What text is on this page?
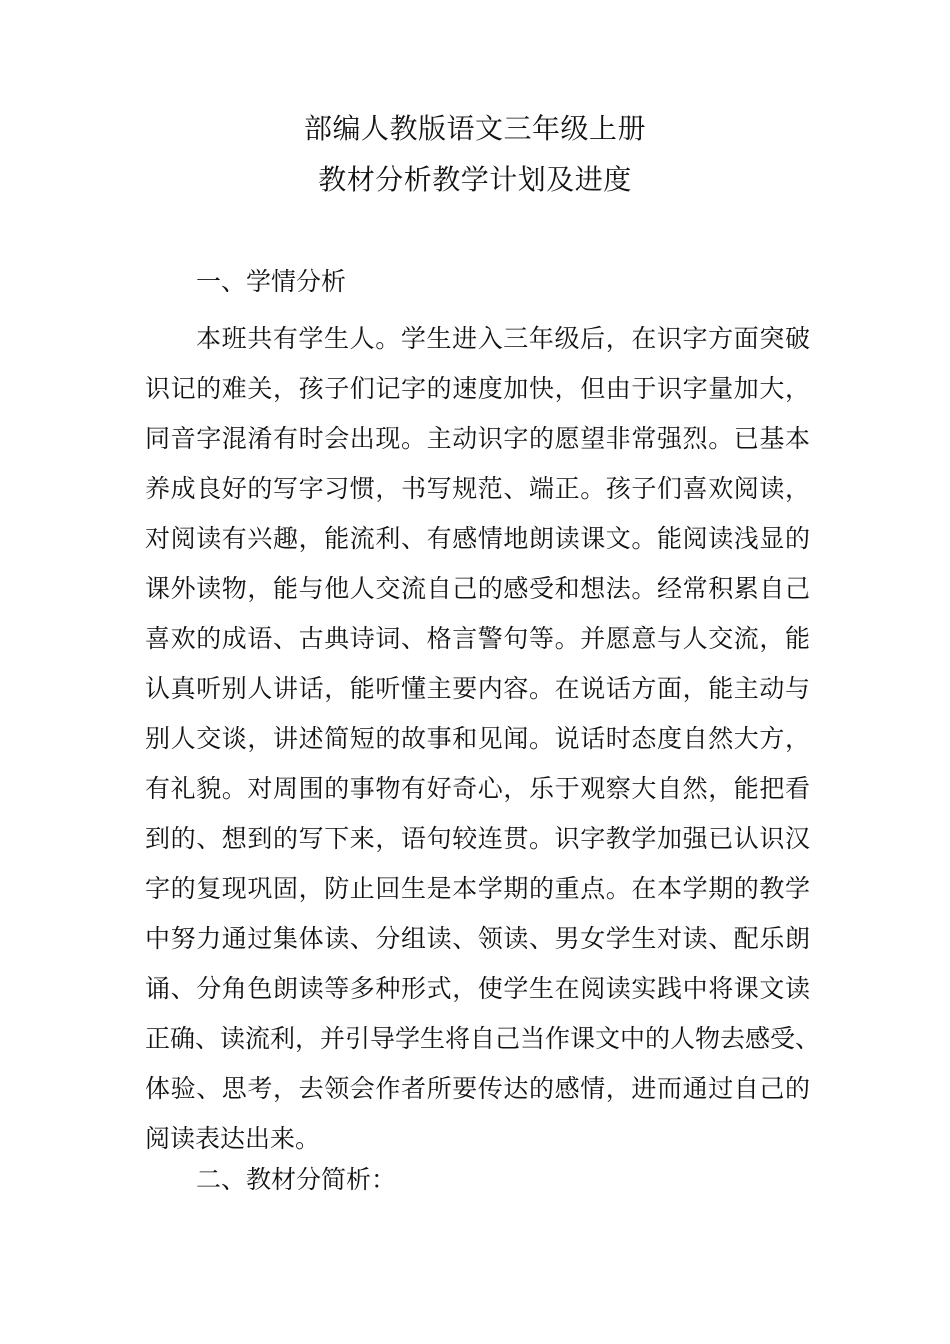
部编人教版语文三年级上册
教材分析教学计划及进度
一、学情分析
本班共有学生人。学生进入三年级后，在识字方面突破
识记的难关，孩子们记字的速度加快，但由于识字量加大，
同音字混淆有时会出现。主动识字的愿望非常强烈。已基本
养成良好的写字习惯，书写规范、端正。孩子们喜欢阅读，
对阅读有兴趣，能流利、有感情地朗读课文。能阅读浅显的
课外读物，能与他人交流自己的感受和想法。经常积累自己
喜欢的成语、古典诗词、格言警句等。并愿意与人交流，能
认真听别人讲话，能听懂主要内容。在说话方面，能主动与
别人交谈，讲述简短的故事和见闻。说话时态度自然大方，
有礼貌。对周围的事物有好奇心，乐于观察大自然，能把看
到的、想到的写下来，语句较连贯。识字教学加强已认识汉
字的复现巩固，防止回生是本学期的重点。在本学期的教学
中努力通过集体读、分组读、领读、男女学生对读、配乐朗
诵、分角色朗读等多种形式，使学生在阅读实践中将课文读
正确、读流利，并引导学生将自己当作课文中的人物去感受、
体验、思考，去领会作者所要传达的感情，进而通过自己的
阅读表达出来。
二、教材分简析：
